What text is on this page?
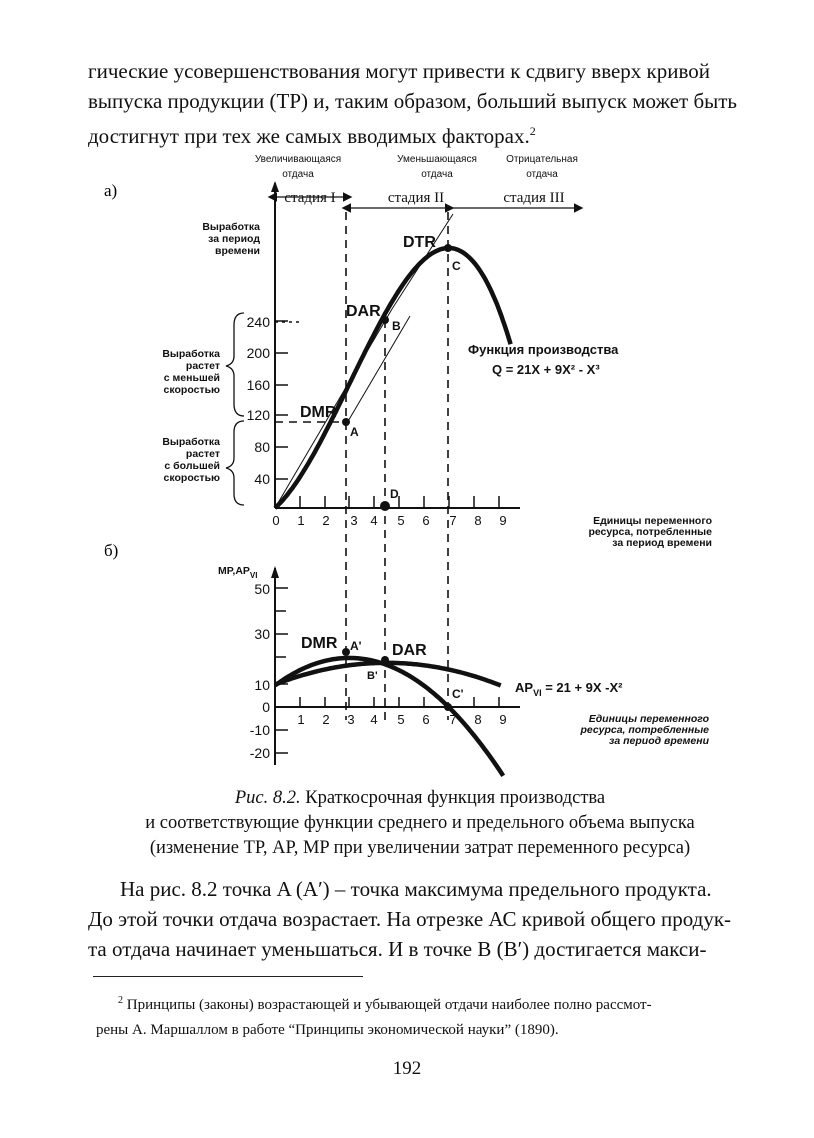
гические усовершенствования могут привести к сдвигу вверх кривой
выпуска продукции (ТР) и, таким образом, больший выпуск может быть
достигнут при тех же самых вводимых факторах.$^2$
Увеличивающаяся
отдача
Уменьшающаяся
отдача
Отрицательная
отдача
стадия I	стадия II	стадия III
а)
Выработка
за период
времени
240
200
160
120
80
40
0 1 2 3 4 5 6 7 8 9	Единицы переменного
ресурса, потребленные
за период времени
Выработка
растет
с меньшей
скоростью
Выработка
растет
с большей
скоростью
A
B
C
D
DMR
DAR
DTR
Функция производства
Q = 21X + 9X² - X³
б)
$MP,AP_{VI}$
50
30
10
0
-10
-20
1 2 3 4 5 6 7 8 9	Единицы переменного
ресурса, потребленные
за период времени
A'
B'
C'
DMR	DAR
$AP_{VI} = 21 + 9X$ -X²
Рис. 8.2. Краткосрочная функция производства
и соответствующие функции среднего и предельного объема выпуска
(изменение ТР, AP, MP при увеличении затрат переменного ресурса)
На рис. 8.2 точка A (A′) – точка максимума предельного продукта.
До этой точки отдача возрастает. На отрезке АС кривой общего продук-
та отдача начинает уменьшаться. И в точке В (В′) достигается макси-
$^2$ Принципы (законы) возрастающей и убывающей отдачи наиболее полно рассмот-
рены А. Маршаллом в работе “Принципы экономической науки” (1890).
192
